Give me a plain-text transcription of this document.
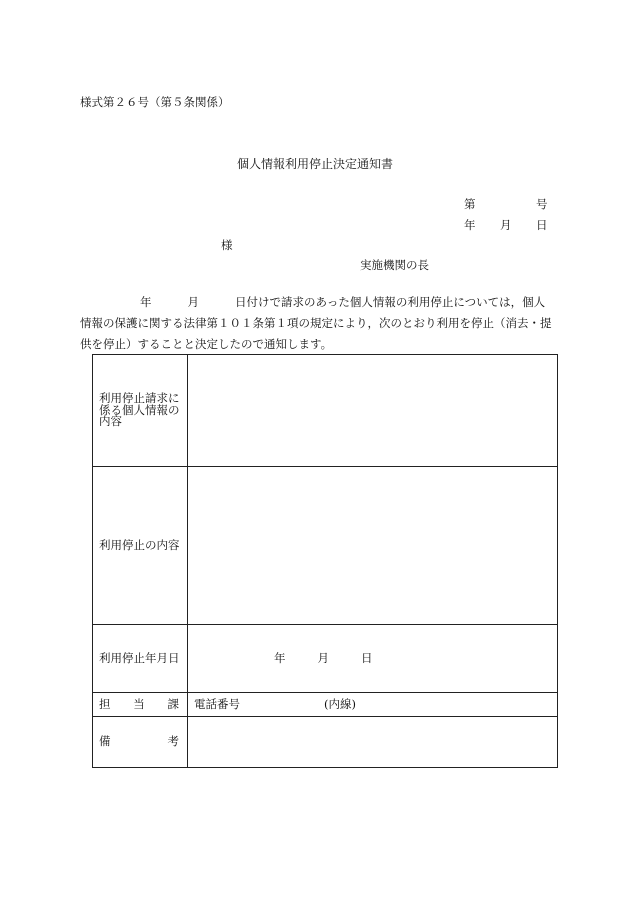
様式第２６号（第５条関係）
個人情報利用停止決定通知書
第	号
年 月 日
様
実施機関の長
年	月	日付けで請求のあった個人情報の利用停止については，個人
情報の保護に関する法律第１０１条第１項の規定により，次のとおり利用を停止（消去・提
供を停止）することと決定したので通知します。
利用停止請求に
係る個人情報の
内容	

利用停止の内容	
利用停止年月日	年 月 日

担 当 課	電話番号 (内線)

備 考	
